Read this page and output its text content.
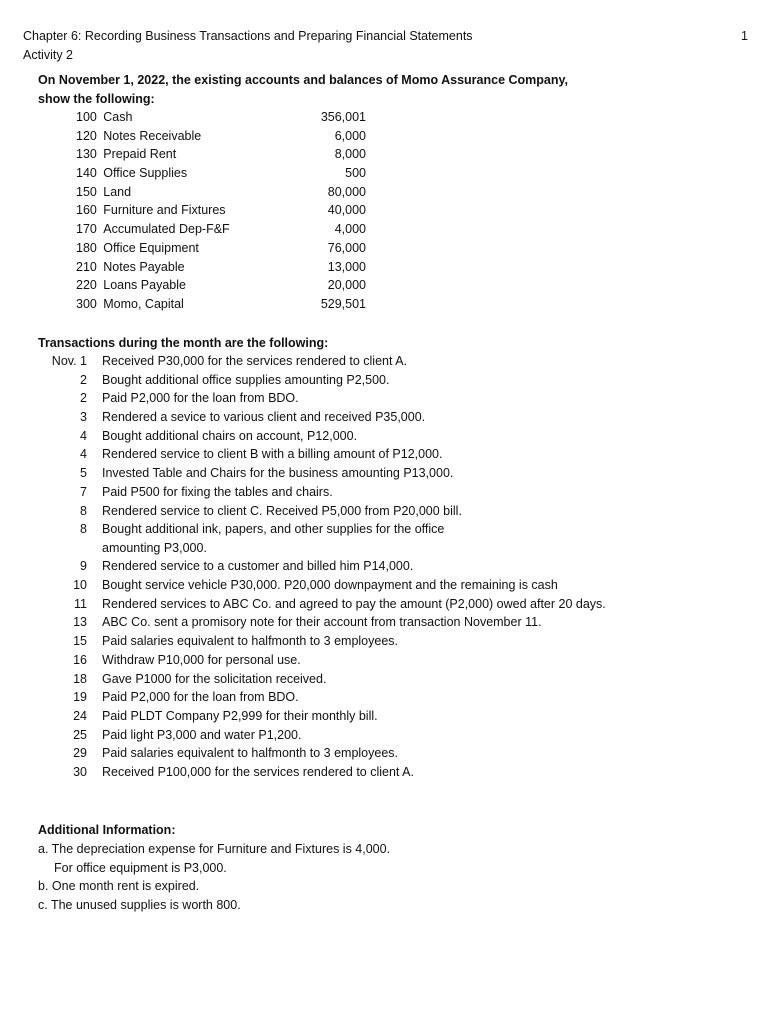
Chapter 6: Recording Business Transactions and Preparing Financial Statements	1
Activity 2
On November 1, 2022, the existing accounts and balances of Momo Assurance Company,
show the following:
100 Cash	356,001
120 Notes Receivable	6,000
130 Prepaid Rent	8,000
140 Office Supplies	500
150 Land	80,000
160 Furniture and Fixtures	40,000
170 Accumulated Dep-F&F	4,000
180 Office Equipment	76,000
210 Notes Payable	13,000
220 Loans Payable	20,000
300 Momo, Capital	529,501
Transactions during the month are the following:
Nov. 1	Received P30,000 for the services rendered to client A.
2	Bought additional office supplies amounting P2,500.
2	Paid P2,000 for the loan from BDO.
3	Rendered a sevice to various client and received P35,000.
4	Bought additional chairs on account, P12,000.
4	Rendered service to client B with a billing amount of P12,000.
5	Invested Table and Chairs for the business amounting P13,000.
7	Paid P500 for fixing the tables and chairs.
8	Rendered service to client C. Received P5,000 from P20,000 bill.
8	Bought additional ink, papers, and other supplies for the office
amounting P3,000.
9	Rendered service to a customer and billed him P14,000.
10	Bought service vehicle P30,000. P20,000 downpayment and the remaining is cash
11	Rendered services to ABC Co. and agreed to pay the amount (P2,000) owed after 20 days.
13	ABC Co. sent a promisory note for their account from transaction November 11.
15	Paid salaries equivalent to halfmonth to 3 employees.
16	Withdraw P10,000 for personal use.
18	Gave P1000 for the solicitation received.
19	Paid P2,000 for the loan from BDO.
24	Paid PLDT Company P2,999 for their monthly bill.
25	Paid light P3,000 and water P1,200.
29	Paid salaries equivalent to halfmonth to 3 employees.
30	Received P100,000 for the services rendered to client A.
Additional Information:
a. The depreciation expense for Furniture and Fixtures is 4,000.
For office equipment is P3,000.
b. One month rent is expired.
c. The unused supplies is worth 800.
